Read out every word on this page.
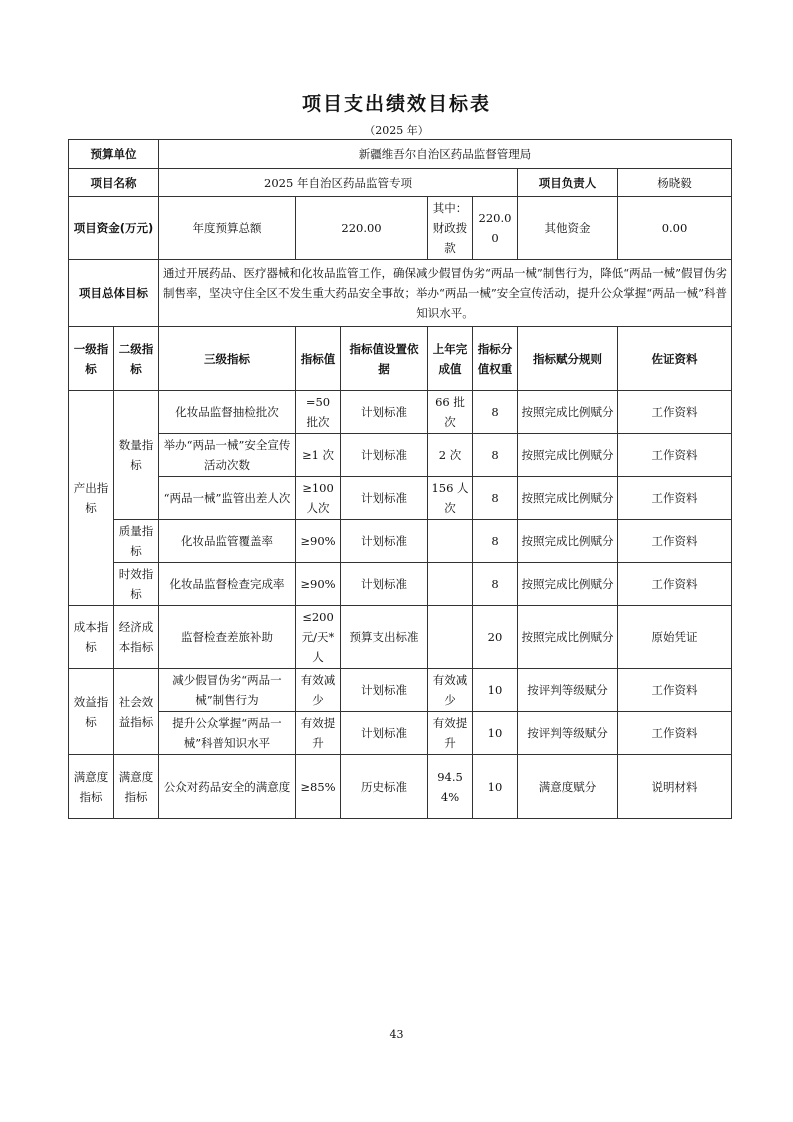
项目支出绩效目标表
（2025 年）
预算单位		新疆维吾尔自治区药品监督管理局						
项目名称		2025 年自治区药品监管专项					项目负责人	杨晓毅
项目资金(万元)		年度预算总额	220.00		其中：财政拨款	220.00	其他资金	0.00
项目总体目标		通过开展药品、医疗器械和化妆品监管工作，确保减少假冒伪劣“两品一械”制售行为，降低“两品一械”假冒伪劣制售率，坚决守住全区不发生重大药品安全事故；举办“两品一械”安全宣传活动，提升公众掌握“两品一械”科普知识水平。						
一级指标	二级指标	三级指标	指标值	指标值设置依据	上年完成值	指标分值权重	指标赋分规则	佐证资料
产出指标	数量指标	化妆品监督抽检批次	=50 批次	计划标准	66 批次	8	按照完成比例赋分	工作资料
		举办“两品一械”安全宣传活动次数	≥1 次	计划标准	2 次	8	按照完成比例赋分	工作资料
		“两品一械”监管出差人次	≥100 人次	计划标准	156 人次	8	按照完成比例赋分	工作资料
	质量指标	化妆品监管覆盖率	≥90%	计划标准		8	按照完成比例赋分	工作资料
	时效指标	化妆品监督检查完成率	≥90%	计划标准		8	按照完成比例赋分	工作资料
成本指标	经济成本指标	监督检查差旅补助	≤200 元/天*人	预算支出标准		20	按照完成比例赋分	原始凭证
效益指标	社会效益指标	减少假冒伪劣“两品一械”制售行为	有效减少	计划标准	有效减少	10	按评判等级赋分	工作资料
		提升公众掌握“两品一械”科普知识水平	有效提升	计划标准	有效提升	10	按评判等级赋分	工作资料
满意度指标	满意度指标	公众对药品安全的满意度	≥85%	历史标准	94.54%	10	满意度赋分	说明材料
43
